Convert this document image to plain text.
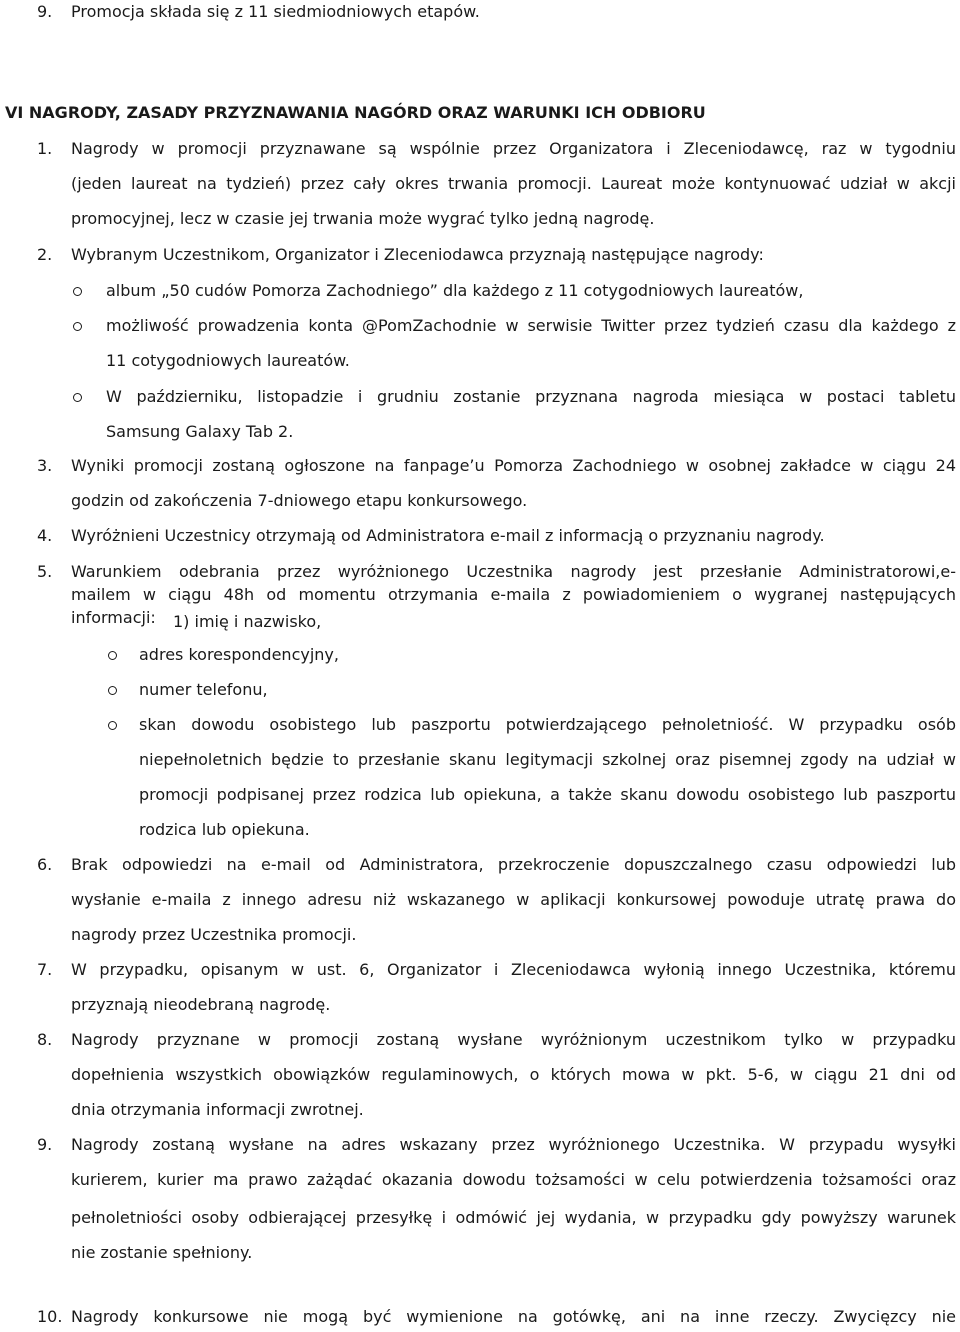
9. Promocja składa się z 11 siedmiodniowych etapów.
VI NAGRODY, ZASADY PRZYZNAWANIA NAGÓRD ORAZ WARUNKI ICH ODBIORU
1. Nagrody w promocji przyznawane są wspólnie przez Organizatora i Zleceniodawcę, raz w tygodniu
(jeden laureat na tydzień) przez cały okres trwania promocji. Laureat może kontynuować udział w akcji
promocyjnej, lecz w czasie jej trwania może wygrać tylko jedną nagrodę.
2. Wybranym Uczestnikom, Organizator i Zleceniodawca przyznają następujące nagrody:
album „50 cudów Pomorza Zachodniego” dla każdego z 11 cotygodniowych laureatów,
możliwość prowadzenia konta @PomZachodnie w serwisie Twitter przez tydzień czasu dla każdego z
11 cotygodniowych laureatów.
W październiku, listopadzie i grudniu zostanie przyznana nagroda miesiąca w postaci tabletu
Samsung Galaxy Tab 2.
3. Wyniki promocji zostaną ogłoszone na fanpage’u Pomorza Zachodniego w osobnej zakładce w ciągu 24
godzin od zakończenia 7-dniowego etapu konkursowego.
4. Wyróżnieni Uczestnicy otrzymają od Administratora e-mail z informacją o przyznaniu nagrody.
5. Warunkiem odebrania przez wyróżnionego Uczestnika nagrody jest przesłanie Administratorowi,e-
mailem w ciągu 48h od momentu otrzymania e-maila z powiadomieniem o wygranej następujących
informacji: 1) imię i nazwisko,
adres korespondencyjny,
numer telefonu,
skan dowodu osobistego lub paszportu potwierdzającego pełnoletniość. W przypadku osób
niepełnoletnich będzie to przesłanie skanu legitymacji szkolnej oraz pisemnej zgody na udział w
promocji podpisanej przez rodzica lub opiekuna, a także skanu dowodu osobistego lub paszportu
rodzica lub opiekuna.
6. Brak odpowiedzi na e-mail od Administratora, przekroczenie dopuszczalnego czasu odpowiedzi lub
wysłanie e-maila z innego adresu niż wskazanego w aplikacji konkursowej powoduje utratę prawa do
nagrody przez Uczestnika promocji.
7. W przypadku, opisanym w ust. 6, Organizator i Zleceniodawca wyłonią innego Uczestnika, któremu
przyznają nieodebraną nagrodę.
8. Nagrody przyznane w promocji zostaną wysłane wyróżnionym uczestnikom tylko w przypadku
dopełnienia wszystkich obowiązków regulaminowych, o których mowa w pkt. 5-6, w ciągu 21 dni od
dnia otrzymania informacji zwrotnej.
9. Nagrody zostaną wysłane na adres wskazany przez wyróżnionego Uczestnika. W przypadu wysyłki
kurierem, kurier ma prawo zażądać okazania dowodu tożsamości w celu potwierdzenia tożsamości oraz
pełnoletniości osoby odbierającej przesyłkę i odmówić jej wydania, w przypadku gdy powyższy warunek
nie zostanie spełniony.
10. Nagrody konkursowe nie mogą być wymienione na gotówkę, ani na inne rzeczy. Zwycięzcy nie
